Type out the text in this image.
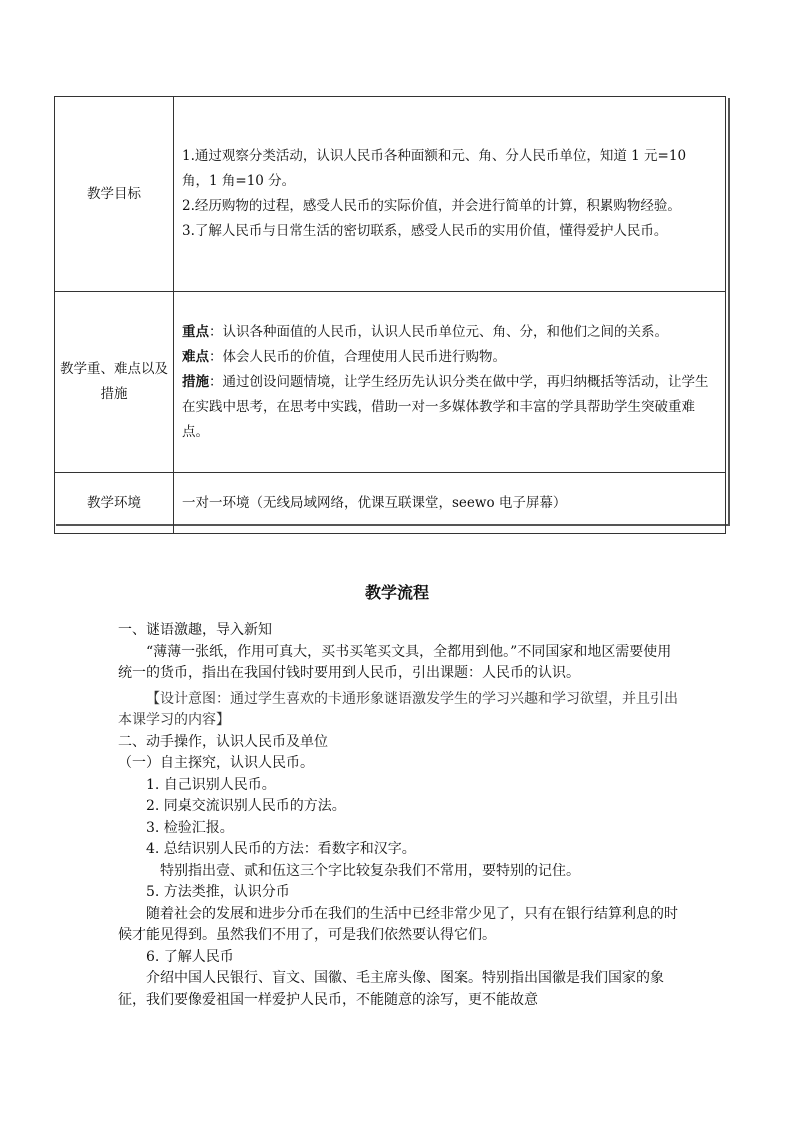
教学目标	1.通过观察分类活动，认识人民币各种面额和元、角、分人民币单位，知道 1 元=10 角，1 角=10 分。

2.经历购物的过程，感受人民币的实际价值，并会进行简单的计算，积累购物经验。

3.了解人民币与日常生活的密切联系，感受人民币的实用价值，懂得爱护人民币。

教学重、难点以及措施	重点：认识各种面值的人民币，认识人民币单位元、角、分，和他们之间的关系。

难点：体会人民币的价值，合理使用人民币进行购物。

措施：通过创设问题情境，让学生经历先认识分类在做中学，再归纳概括等活动，让学生在实践中思考，在思考中实践，借助一对一多媒体教学和丰富的学具帮助学生突破重难点。

教学环境	一对一环境（无线局域网络，优课互联课堂，seewo 电子屏幕）
教学流程

一、谜语激趣，导入新知

“薄薄一张纸，作用可真大，买书买笔买文具，全都用到他。”不同国家和地区需要使用统一的货币，指出在我国付钱时要用到人民币，引出课题：人民币的认识。

【设计意图：通过学生喜欢的卡通形象谜语激发学生的学习兴趣和学习欲望，并且引出本课学习的内容】

二、动手操作，认识人民币及单位

（一）自主探究，认识人民币。

1. 自己识别人民币。

2. 同桌交流识别人民币的方法。

3. 检验汇报。

4. 总结识别人民币的方法：看数字和汉字。

特别指出壹、贰和伍这三个字比较复杂我们不常用，要特别的记住。

5. 方法类推，认识分币

随着社会的发展和进步分币在我们的生活中已经非常少见了，只有在银行结算利息的时候才能见得到。虽然我们不用了，可是我们依然要认得它们。

6. 了解人民币

介绍中国人民银行、盲文、国徽、毛主席头像、图案。特别指出国徽是我们国家的象征，我们要像爱祖国一样爱护人民币，不能随意的涂写，更不能故意
